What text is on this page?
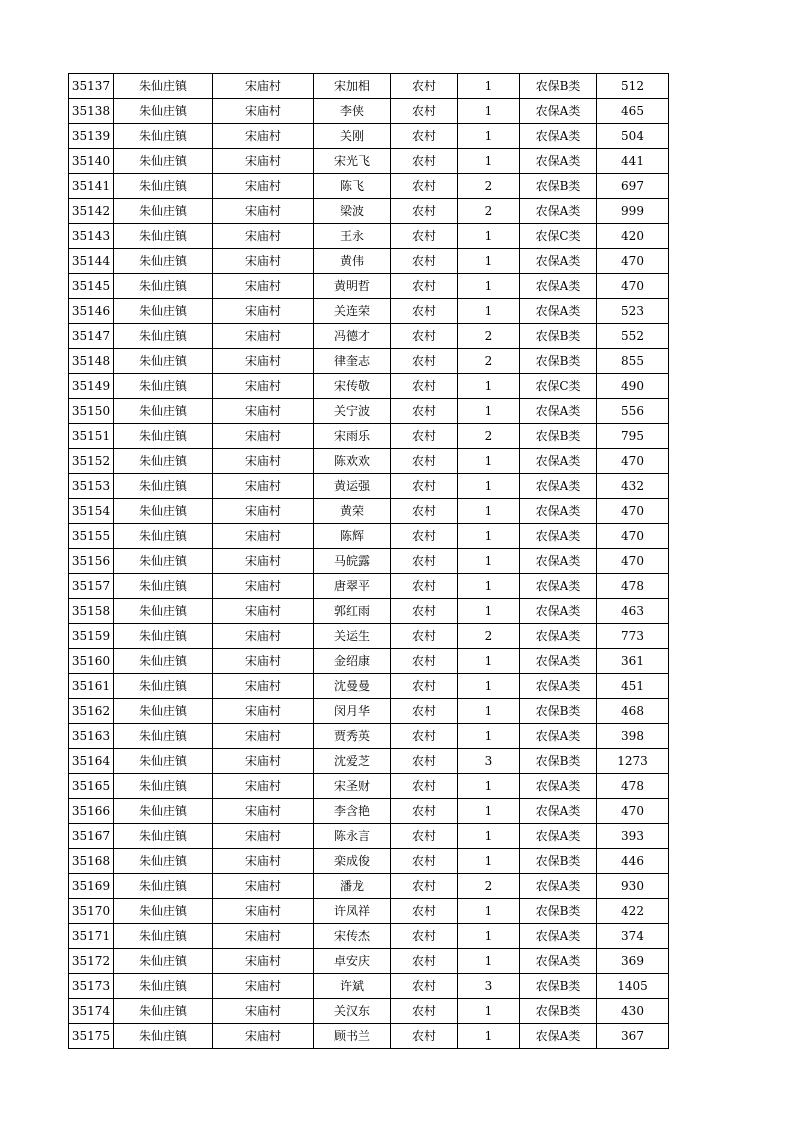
35137	朱仙庄镇	宋庙村	宋加相	农村	1	农保B类	512
35138	朱仙庄镇	宋庙村	李侠	农村	1	农保A类	465
35139	朱仙庄镇	宋庙村	关刚	农村	1	农保A类	504
35140	朱仙庄镇	宋庙村	宋光飞	农村	1	农保A类	441
35141	朱仙庄镇	宋庙村	陈飞	农村	2	农保B类	697
35142	朱仙庄镇	宋庙村	梁波	农村	2	农保A类	999
35143	朱仙庄镇	宋庙村	王永	农村	1	农保C类	420
35144	朱仙庄镇	宋庙村	黄伟	农村	1	农保A类	470
35145	朱仙庄镇	宋庙村	黄明哲	农村	1	农保A类	470
35146	朱仙庄镇	宋庙村	关连荣	农村	1	农保A类	523
35147	朱仙庄镇	宋庙村	冯德才	农村	2	农保B类	552
35148	朱仙庄镇	宋庙村	律奎志	农村	2	农保B类	855
35149	朱仙庄镇	宋庙村	宋传敬	农村	1	农保C类	490
35150	朱仙庄镇	宋庙村	关宁波	农村	1	农保A类	556
35151	朱仙庄镇	宋庙村	宋雨乐	农村	2	农保B类	795
35152	朱仙庄镇	宋庙村	陈欢欢	农村	1	农保A类	470
35153	朱仙庄镇	宋庙村	黄运强	农村	1	农保A类	432
35154	朱仙庄镇	宋庙村	黄荣	农村	1	农保A类	470
35155	朱仙庄镇	宋庙村	陈辉	农村	1	农保A类	470
35156	朱仙庄镇	宋庙村	马皖露	农村	1	农保A类	470
35157	朱仙庄镇	宋庙村	唐翠平	农村	1	农保A类	478
35158	朱仙庄镇	宋庙村	郭红雨	农村	1	农保A类	463
35159	朱仙庄镇	宋庙村	关运生	农村	2	农保A类	773
35160	朱仙庄镇	宋庙村	金绍康	农村	1	农保A类	361
35161	朱仙庄镇	宋庙村	沈曼曼	农村	1	农保A类	451
35162	朱仙庄镇	宋庙村	闵月华	农村	1	农保B类	468
35163	朱仙庄镇	宋庙村	贾秀英	农村	1	农保A类	398
35164	朱仙庄镇	宋庙村	沈爱芝	农村	3	农保B类	1273
35165	朱仙庄镇	宋庙村	宋圣财	农村	1	农保A类	478
35166	朱仙庄镇	宋庙村	李含艳	农村	1	农保A类	470
35167	朱仙庄镇	宋庙村	陈永言	农村	1	农保A类	393
35168	朱仙庄镇	宋庙村	栾成俊	农村	1	农保B类	446
35169	朱仙庄镇	宋庙村	潘龙	农村	2	农保A类	930
35170	朱仙庄镇	宋庙村	许凤祥	农村	1	农保B类	422
35171	朱仙庄镇	宋庙村	宋传杰	农村	1	农保A类	374
35172	朱仙庄镇	宋庙村	卓安庆	农村	1	农保A类	369
35173	朱仙庄镇	宋庙村	许斌	农村	3	农保B类	1405
35174	朱仙庄镇	宋庙村	关汉东	农村	1	农保B类	430
35175	朱仙庄镇	宋庙村	顾书兰	农村	1	农保A类	367
